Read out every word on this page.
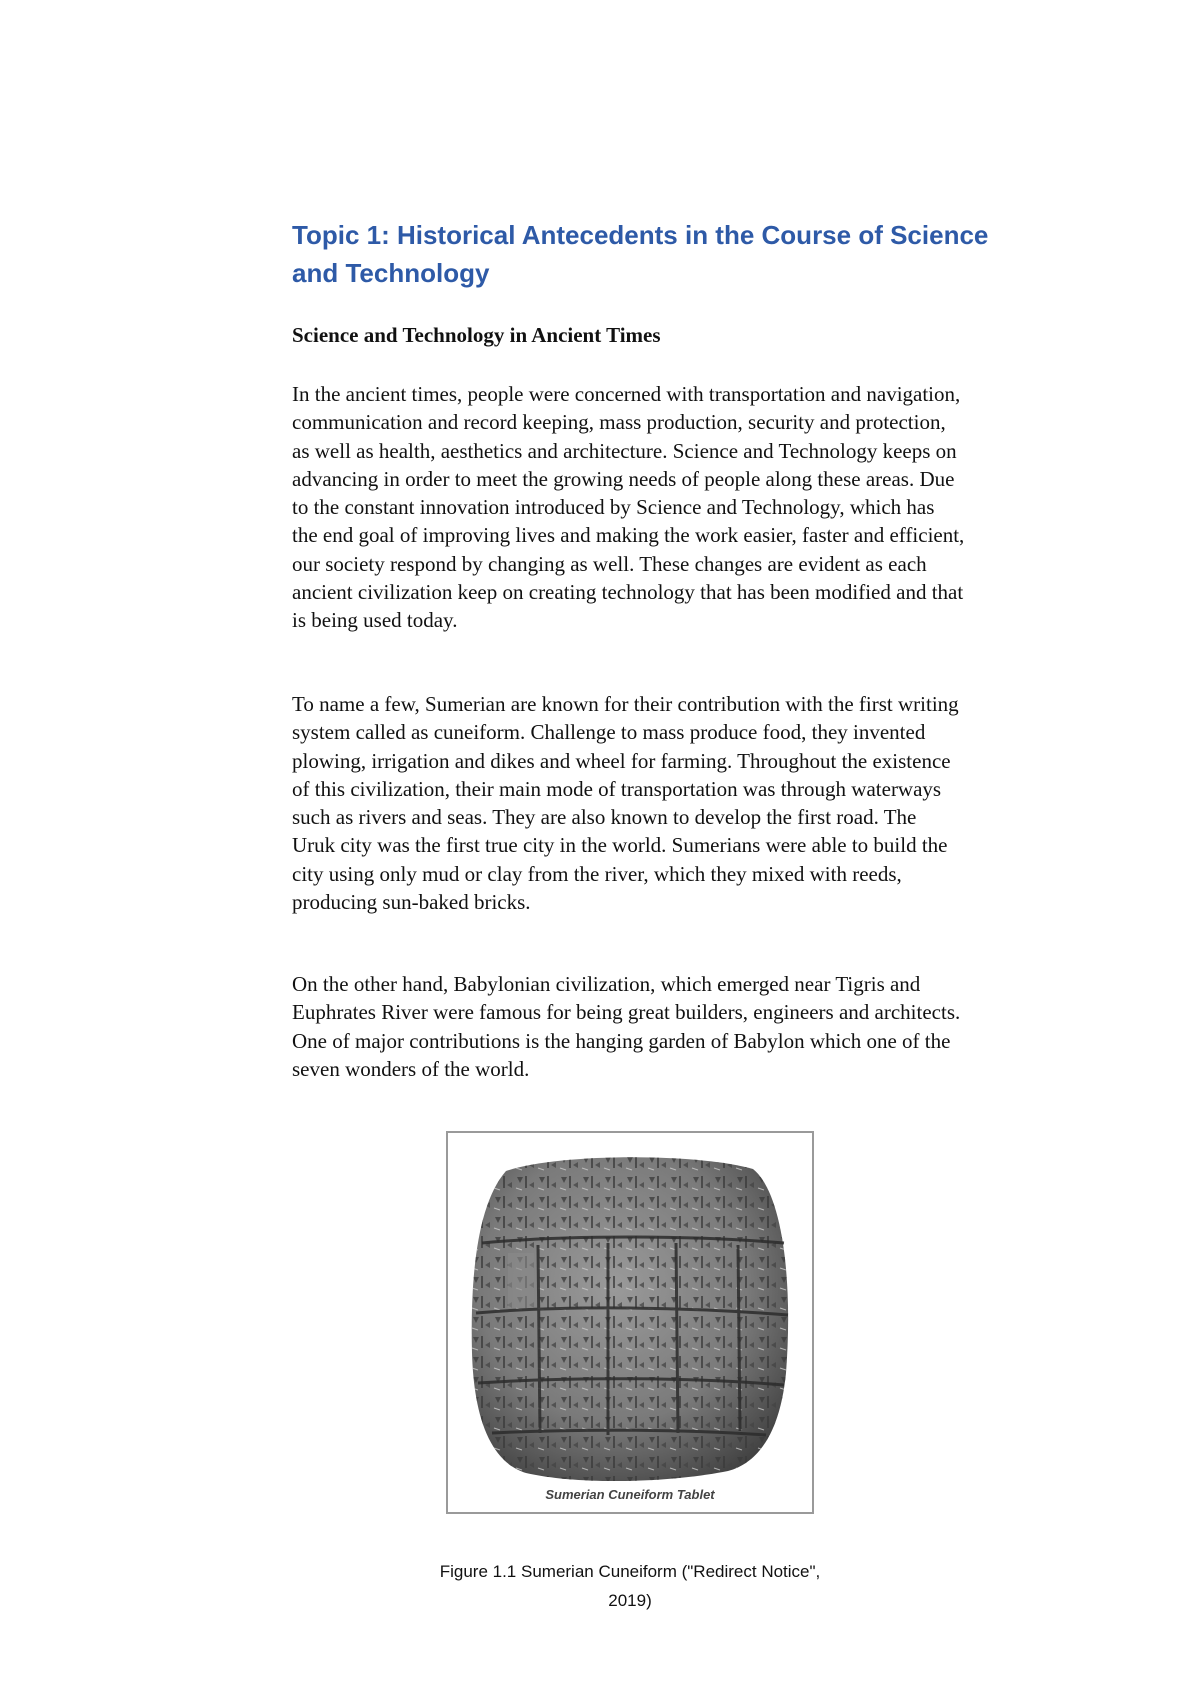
Topic 1: Historical Antecedents in the Course of Science
and Technology
Science and Technology in Ancient Times
In the ancient times, people were concerned with transportation and navigation,
communication and record keeping, mass production, security and protection,
as well as health, aesthetics and architecture. Science and Technology keeps on
advancing in order to meet the growing needs of people along these areas. Due
to the constant innovation introduced by Science and Technology, which has
the end goal of improving lives and making the work easier, faster and efficient,
our society respond by changing as well. These changes are evident as each
ancient civilization keep on creating technology that has been modified and that
is being used today.
To name a few, Sumerian are known for their contribution with the first writing
system called as cuneiform. Challenge to mass produce food, they invented
plowing, irrigation and dikes and wheel for farming. Throughout the existence
of this civilization, their main mode of transportation was through waterways
such as rivers and seas. They are also known to develop the first road. The
Uruk city was the first true city in the world. Sumerians were able to build the
city using only mud or clay from the river, which they mixed with reeds,
producing sun-baked bricks.
On the other hand, Babylonian civilization, which emerged near Tigris and
Euphrates River were famous for being great builders, engineers and architects.
One of major contributions is the hanging garden of Babylon which one of the
seven wonders of the world.
Sumerian Cuneiform Tablet

Figure 1.1 Sumerian Cuneiform ("Redirect Notice",
2019)
